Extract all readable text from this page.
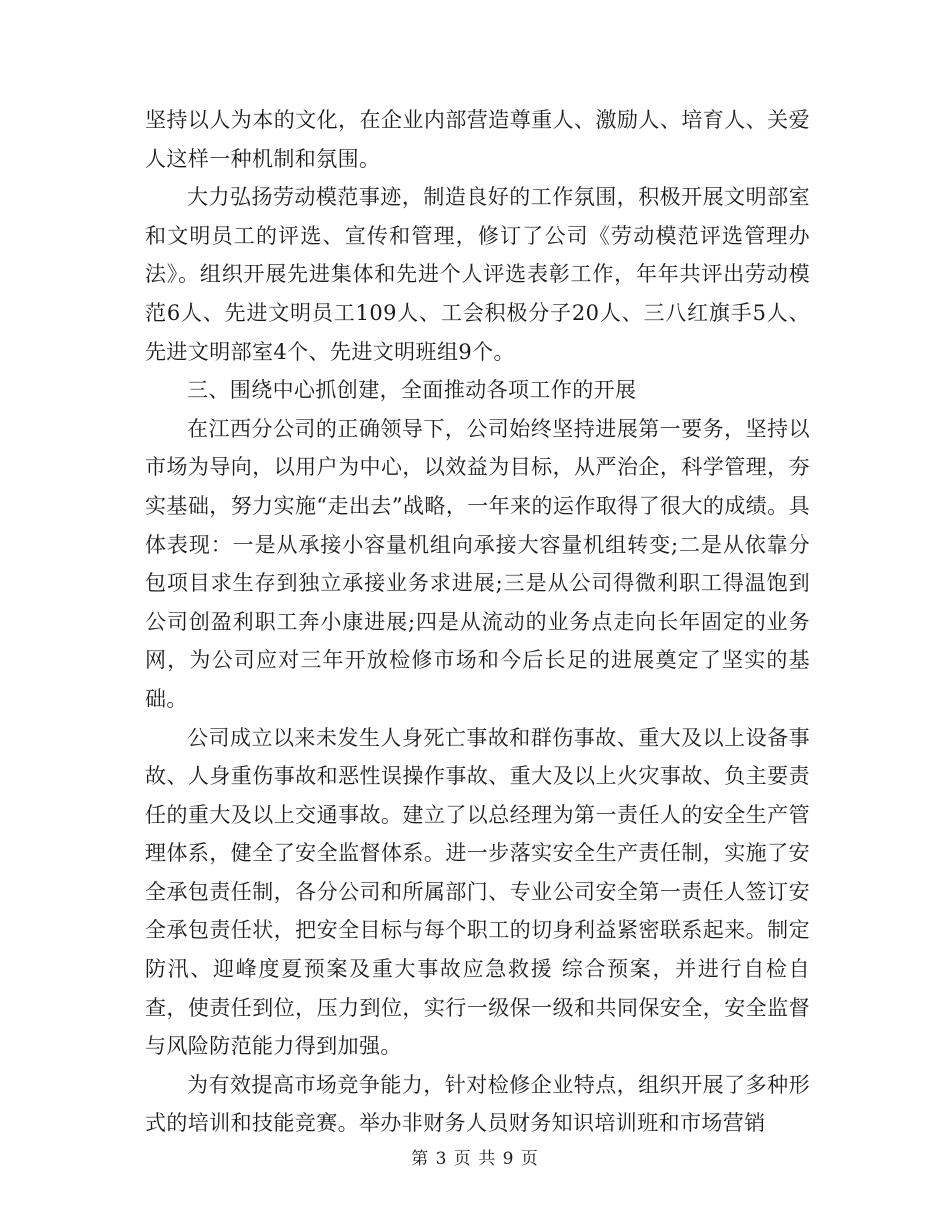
坚持以人为本的文化，在企业内部营造尊重人、激励人、培育人、关爱人这样一种机制和氛围。

大力弘扬劳动模范事迹，制造良好的工作氛围，积极开展文明部室和文明员工的评选、宣传和管理，修订了公司《劳动模范评选管理办法》。组织开展先进集体和先进个人评选表彰工作，年年共评出劳动模范6人、先进文明员工109人、工会积极分子20人、三八红旗手5人、先进文明部室4个、先进文明班组9个。

三、围绕中心抓创建，全面推动各项工作的开展

在江西分公司的正确领导下，公司始终坚持进展第一要务，坚持以市场为导向，以用户为中心，以效益为目标，从严治企，科学管理，夯实基础，努力实施“走出去”战略，一年来的运作取得了很大的成绩。具体表现：一是从承接小容量机组向承接大容量机组转变;二是从依靠分包项目求生存到独立承接业务求进展;三是从公司得微利职工得温饱到公司创盈利职工奔小康进展;四是从流动的业务点走向长年固定的业务网，为公司应对三年开放检修市场和今后长足的进展奠定了坚实的基础。

公司成立以来未发生人身死亡事故和群伤事故、重大及以上设备事故、人身重伤事故和恶性误操作事故、重大及以上火灾事故、负主要责任的重大及以上交通事故。建立了以总经理为第一责任人的安全生产管理体系，健全了安全监督体系。进一步落实安全生产责任制，实施了安全承包责任制，各分公司和所属部门、专业公司安全第一责任人签订安全承包责任状，把安全目标与每个职工的切身利益紧密联系起来。制定防汛、迎峰度夏预案及重大事故应急救援 综合预案，并进行自检自查，使责任到位，压力到位，实行一级保一级和共同保安全，安全监督与风险防范能力得到加强。

为有效提高市场竞争能力，针对检修企业特点，组织开展了多种形式的培训和技能竞赛。举办非财务人员财务知识培训班和市场营销

第 3 页 共 9 页
